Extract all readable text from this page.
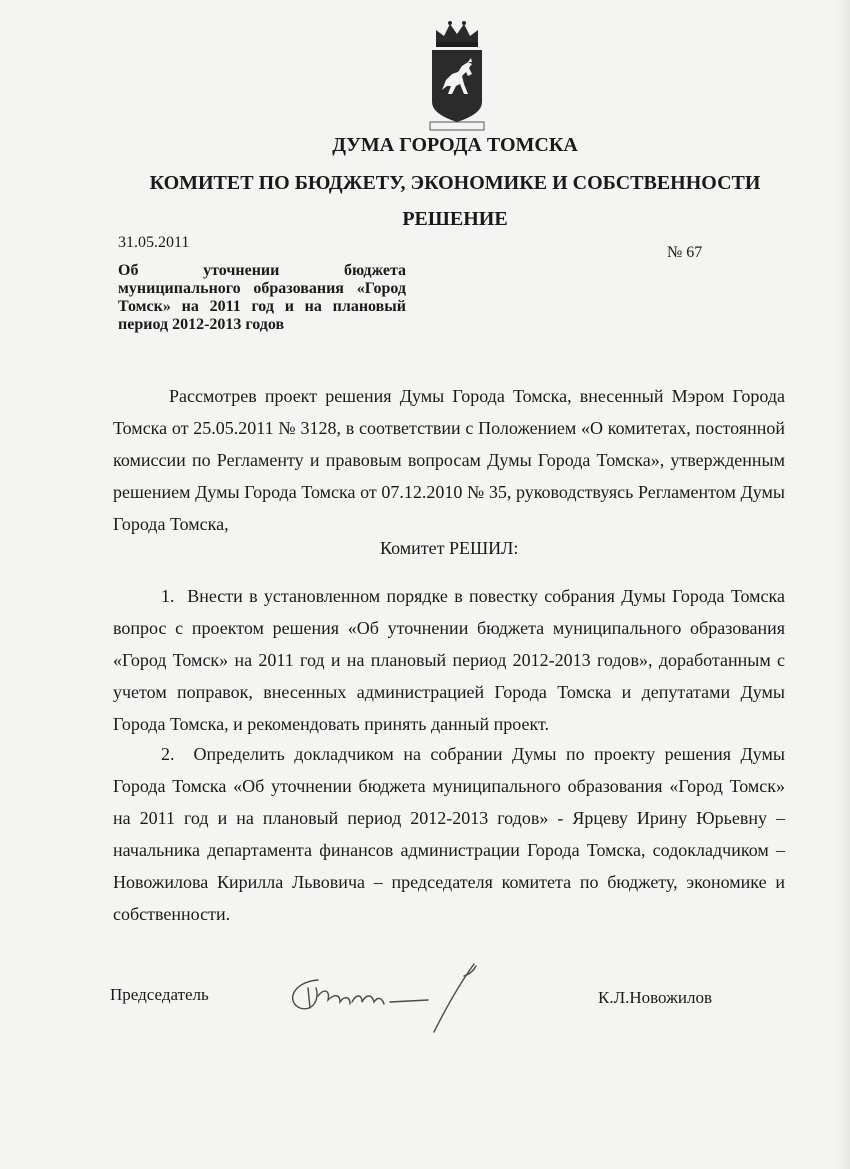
ДУМА ГОРОДА ТОМСКА
КОМИТЕТ ПО БЮДЖЕТУ, ЭКОНОМИКЕ И СОБСТВЕННОСТИ
РЕШЕНИЕ
31.05.2011
№ 67
Об уточнении бюджета муниципального образования «Город Томск» на 2011 год и на плановый период 2012-2013 годов
Рассмотрев проект решения Думы Города Томска, внесенный Мэром Города Томска от 25.05.2011 № 3128, в соответствии с Положением «О комитетах, постоянной комиссии по Регламенту и правовым вопросам Думы Города Томска», утвержденным решением Думы Города Томска от 07.12.2010 № 35, руководствуясь Регламентом Думы Города Томска,
Комитет РЕШИЛ:
1. Внести в установленном порядке в повестку собрания Думы Города Томска вопрос с проектом решения «Об уточнении бюджета муниципального образования «Город Томск» на 2011 год и на плановый период 2012-2013 годов», доработанным с учетом поправок, внесенных администрацией Города Томска и депутатами Думы Города Томска, и рекомендовать принять данный проект.
2. Определить докладчиком на собрании Думы по проекту решения Думы Города Томска «Об уточнении бюджета муниципального образования «Город Томск» на 2011 год и на плановый период 2012-2013 годов» - Ярцеву Ирину Юрьевну – начальника департамента финансов администрации Города Томска, содокладчиком – Новожилова Кирилла Львовича – председателя комитета по бюджету, экономике и собственности.
Председатель	К.Л.Новожилов
